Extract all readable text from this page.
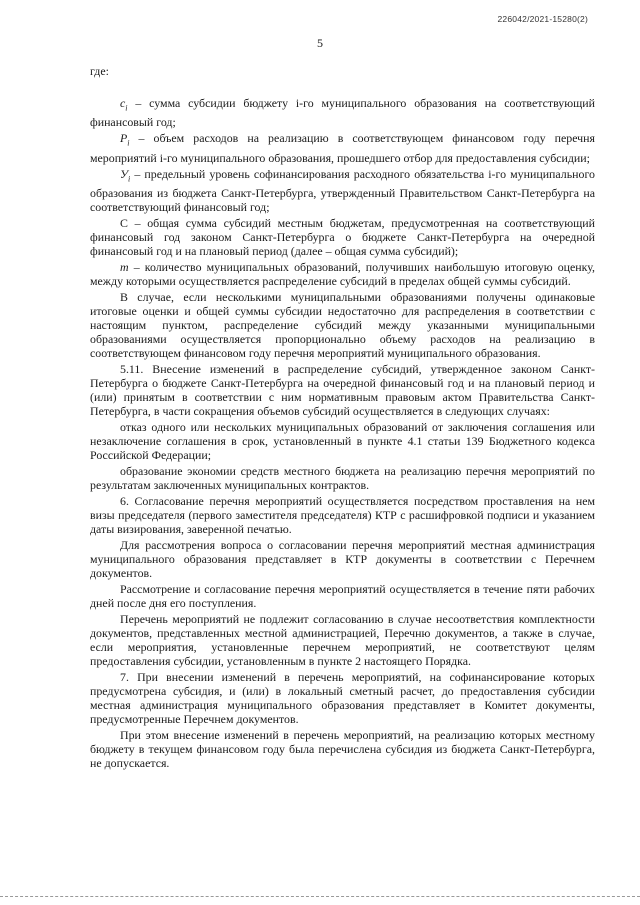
226042/2021-15280(2)
5

где:

$c_i$ – сумма субсидии бюджету i-го муниципального образования на соответствующий финансовый год;

$P_i$ – объем расходов на реализацию в соответствующем финансовом году перечня мероприятий i-го муниципального образования, прошедшего отбор для предоставления субсидии;

$У_i$ – предельный уровень софинансирования расходного обязательства i-го муниципального образования из бюджета Санкт-Петербурга, утвержденный Правительством Санкт-Петербурга на соответствующий финансовый год;

С – общая сумма субсидий местным бюджетам, предусмотренная на соответствующий финансовый год законом Санкт-Петербурга о бюджете Санкт-Петербурга на очередной финансовый год и на плановый период (далее – общая сумма субсидий);

m – количество муниципальных образований, получивших наибольшую итоговую оценку, между которыми осуществляется распределение субсидий в пределах общей суммы субсидий.

В случае, если несколькими муниципальными образованиями получены одинаковые итоговые оценки и общей суммы субсидии недостаточно для распределения в соответствии с настоящим пунктом, распределение субсидий между указанными муниципальными образованиями осуществляется пропорционально объему расходов на реализацию в соответствующем финансовом году перечня мероприятий муниципального образования.

5.11. Внесение изменений в распределение субсидий, утвержденное законом Санкт-Петербурга о бюджете Санкт-Петербурга на очередной финансовый год и на плановый период и (или) принятым в соответствии с ним нормативным правовым актом Правительства Санкт-Петербурга, в части сокращения объемов субсидий осуществляется в следующих случаях:

отказ одного или нескольких муниципальных образований от заключения соглашения или незаключение соглашения в срок, установленный в пункте 4.1 статьи 139 Бюджетного кодекса Российской Федерации;

образование экономии средств местного бюджета на реализацию перечня мероприятий по результатам заключенных муниципальных контрактов.

6. Согласование перечня мероприятий осуществляется посредством проставления на нем визы председателя (первого заместителя председателя) КТР с расшифровкой подписи и указанием даты визирования, заверенной печатью.

Для рассмотрения вопроса о согласовании перечня мероприятий местная администрация муниципального образования представляет в КТР документы в соответствии с Перечнем документов.

Рассмотрение и согласование перечня мероприятий осуществляется в течение пяти рабочих дней после дня его поступления.

Перечень мероприятий не подлежит согласованию в случае несоответствия комплектности документов, представленных местной администрацией, Перечню документов, а также в случае, если мероприятия, установленные перечнем мероприятий, не соответствуют целям предоставления субсидии, установленным в пункте 2 настоящего Порядка.

7. При внесении изменений в перечень мероприятий, на софинансирование которых предусмотрена субсидия, и (или) в локальный сметный расчет, до предоставления субсидии местная администрация муниципального образования представляет в Комитет документы, предусмотренные Перечнем документов.

При этом внесение изменений в перечень мероприятий, на реализацию которых местному бюджету в текущем финансовом году была перечислена субсидия из бюджета Санкт-Петербурга, не допускается.
